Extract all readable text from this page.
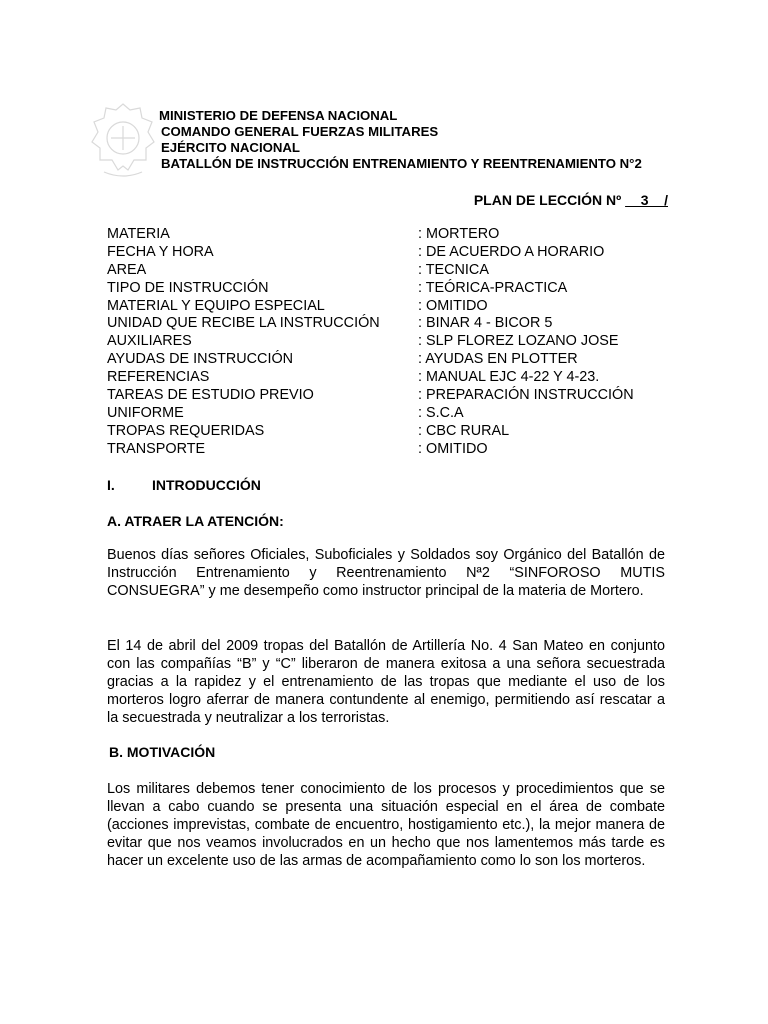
MINISTERIO DE DEFENSA NACIONAL
COMANDO GENERAL FUERZAS MILITARES
EJÉRCITO NACIONAL
BATALLÓN DE INSTRUCCIÓN ENTRENAMIENTO Y REENTRENAMIENTO N°2
PLAN DE LECCIÓN Nº __3__/
MATERIA	: MORTERO
FECHA Y HORA	: DE ACUERDO A HORARIO
AREA	: TECNICA
TIPO DE INSTRUCCIÓN	: TEÓRICA-PRACTICA
MATERIAL Y EQUIPO ESPECIAL	: OMITIDO
UNIDAD QUE RECIBE LA INSTRUCCIÓN	: BINAR 4 - BICOR 5
AUXILIARES	: SLP FLOREZ LOZANO JOSE
AYUDAS DE INSTRUCCIÓN	: AYUDAS EN PLOTTER
REFERENCIAS	: MANUAL EJC 4-22 Y 4-23.
TAREAS DE ESTUDIO PREVIO	: PREPARACIÓN INSTRUCCIÓN
UNIFORME	: S.C.A
TROPAS REQUERIDAS	: CBC RURAL
TRANSPORTE	: OMITIDO
I.	INTRODUCCIÓN
A. ATRAER LA ATENCIÓN:

Buenos días señores Oficiales, Suboficiales y Soldados soy Orgánico del Batallón de Instrucción Entrenamiento y Reentrenamiento Nª2 “SINFOROSO MUTIS CONSUEGRA” y me desempeño como instructor principal de la materia de Mortero.

El 14 de abril del 2009 tropas del Batallón de Artillería No. 4 San Mateo en conjunto con las compañías “B” y “C” liberaron de manera exitosa a una señora secuestrada gracias a la rapidez y el entrenamiento de las tropas que mediante el uso de los morteros logro aferrar de manera contundente al enemigo, permitiendo así rescatar a la secuestrada y neutralizar a los terroristas.

B. MOTIVACIÓN

Los militares debemos tener conocimiento de los procesos y procedimientos que se llevan a cabo cuando se presenta una situación especial en el área de combate (acciones imprevistas, combate de encuentro, hostigamiento etc.), la mejor manera de evitar que nos veamos involucrados en un hecho que nos lamentemos más tarde es hacer un excelente uso de las armas de acompañamiento como lo son los morteros.
